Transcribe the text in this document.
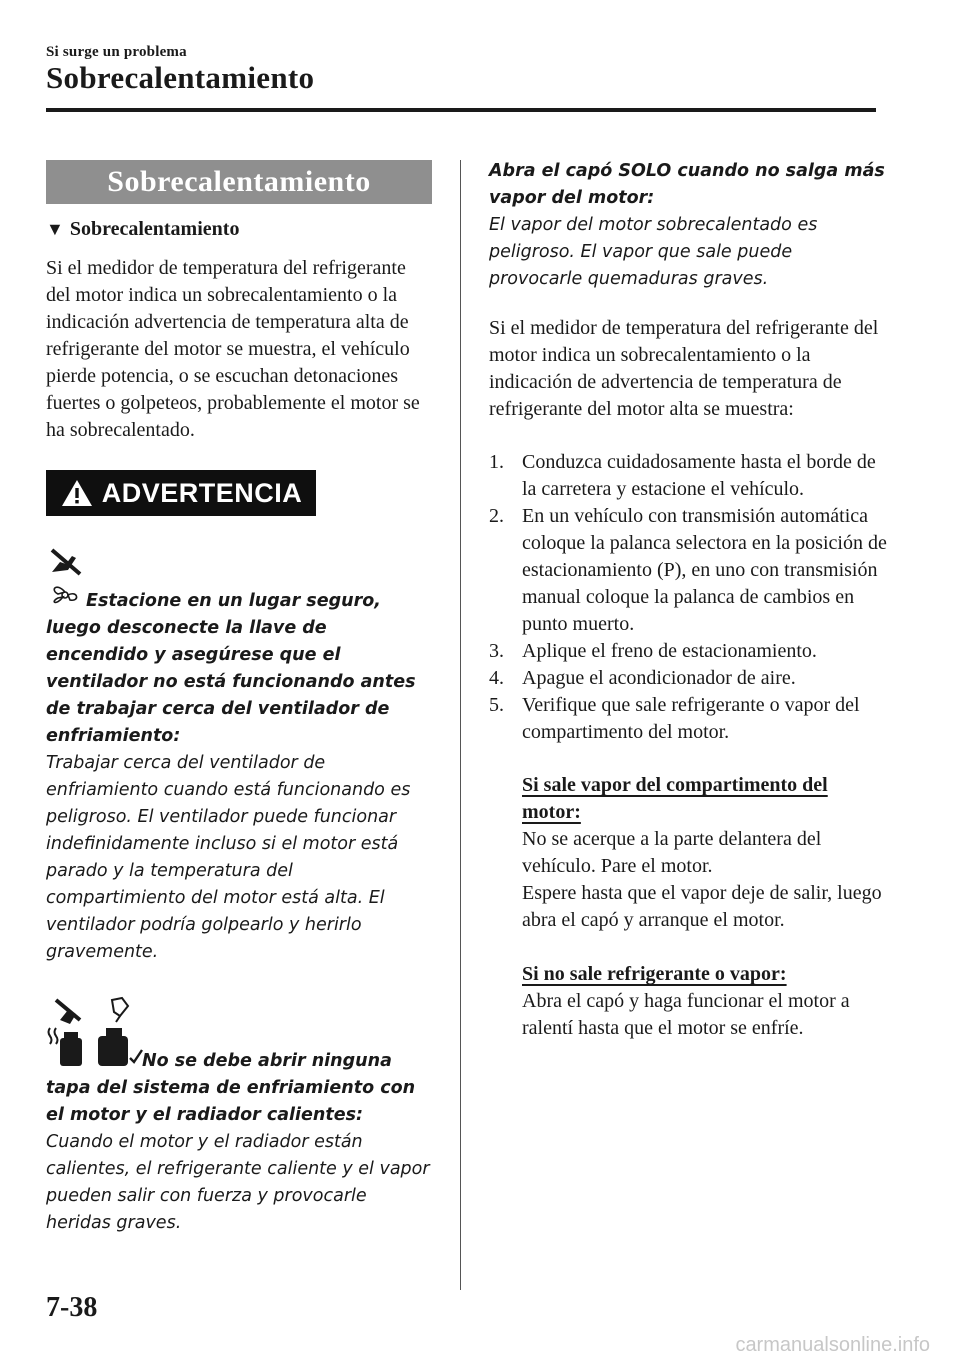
Si surge un problema
Sobrecalentamiento
Sobrecalentamiento
▼ Sobrecalentamiento
Si el medidor de temperatura del refrigerante del motor indica un sobrecalentamiento o la indicación advertencia de temperatura alta de refrigerante del motor se muestra, el vehículo pierde potencia, o se escuchan detonaciones fuertes o golpeteos, probablemente el motor se ha sobrecalentado.
ADVERTENCIA
Estacione en un lugar seguro, luego desconecte la llave de encendido y asegúrese que el ventilador no está funcionando antes de trabajar cerca del ventilador de enfriamiento:
Trabajar cerca del ventilador de enfriamiento cuando está funcionando es peligroso. El ventilador puede funcionar indefinidamente incluso si el motor está parado y la temperatura del compartimiento del motor está alta. El ventilador podría golpearlo y herirlo gravemente.
No se debe abrir ninguna tapa del sistema de enfriamiento con el motor y el radiador calientes:
Cuando el motor y el radiador están calientes, el refrigerante caliente y el vapor pueden salir con fuerza y provocarle heridas graves.
Abra el capó SOLO cuando no salga más vapor del motor:
El vapor del motor sobrecalentado es peligroso. El vapor que sale puede provocarle quemaduras graves.
Si el medidor de temperatura del refrigerante del motor indica un sobrecalentamiento o la indicación de advertencia de temperatura de refrigerante del motor alta se muestra:
1. Conduzca cuidadosamente hasta el borde de la carretera y estacione el vehículo.
2. En un vehículo con transmisión automática coloque la palanca selectora en la posición de estacionamiento (P), en uno con transmisión manual coloque la palanca de cambios en punto muerto.
3. Aplique el freno de estacionamiento.
4. Apague el acondicionador de aire.
5. Verifique que sale refrigerante o vapor del compartimento del motor.
Si sale vapor del compartimento del motor:
No se acerque a la parte delantera del vehículo. Pare el motor.
Espere hasta que el vapor deje de salir, luego abra el capó y arranque el motor.
Si no sale refrigerante o vapor:
Abra el capó y haga funcionar el motor a ralentí hasta que el motor se enfríe.
7-38
carmanualsonline.info
